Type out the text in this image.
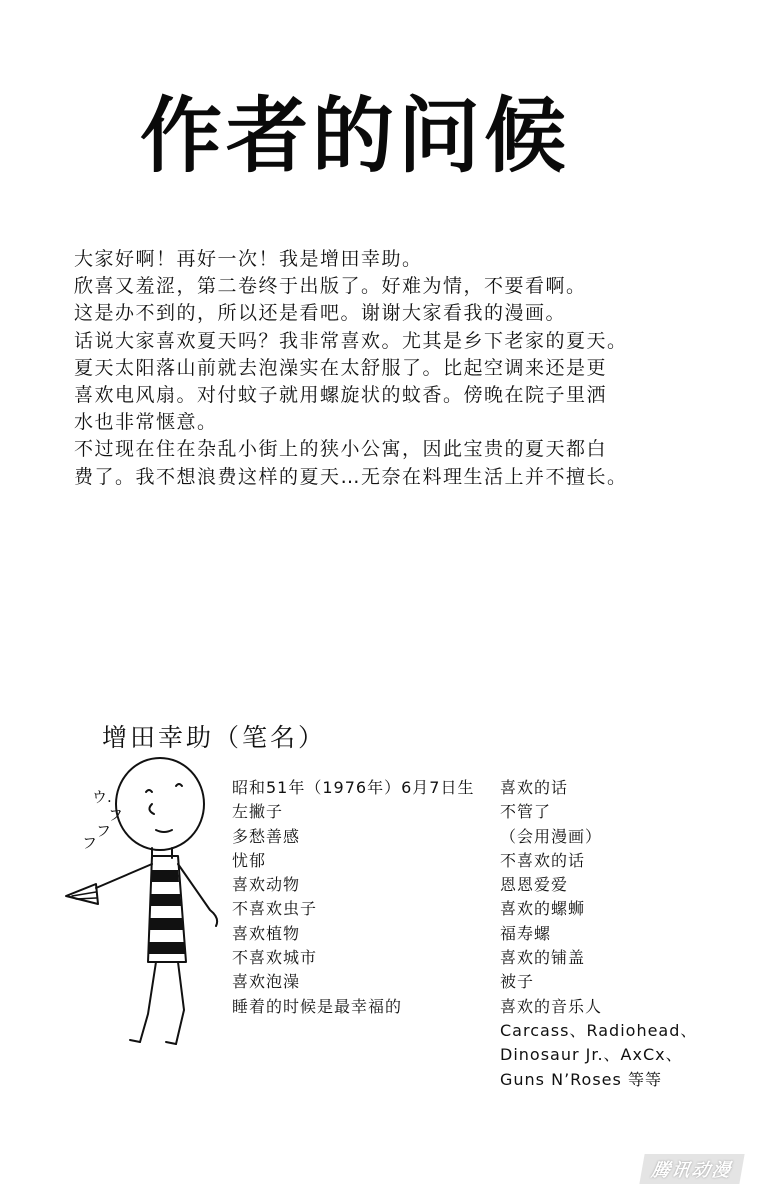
作者的问候
大家好啊！再好一次！我是增田幸助。
欣喜又羞涩，第二卷终于出版了。好难为情，不要看啊。
这是办不到的，所以还是看吧。谢谢大家看我的漫画。
话说大家喜欢夏天吗？我非常喜欢。尤其是乡下老家的夏天。
夏天太阳落山前就去泡澡实在太舒服了。比起空调来还是更
喜欢电风扇。对付蚊子就用螺旋状的蚊香。傍晚在院子里洒
水也非常惬意。
不过现在住在杂乱小街上的狭小公寓，因此宝贵的夏天都白
费了。我不想浪费这样的夏天…无奈在料理生活上并不擅长。
增田幸助（笔名）
ウ.
フ
フ
フ
昭和51年（1976年）6月7日生
左撇子
多愁善感
忧郁
喜欢动物
不喜欢虫子
喜欢植物
不喜欢城市
喜欢泡澡
睡着的时候是最幸福的
喜欢的话
不管了
（会用漫画）
不喜欢的话
恩恩爱爱
喜欢的螺蛳
福寿螺
喜欢的铺盖
被子
喜欢的音乐人
Carcass、Radiohead、
Dinosaur Jr.、AxCx、
Guns N’Roses 等等
腾讯动漫
